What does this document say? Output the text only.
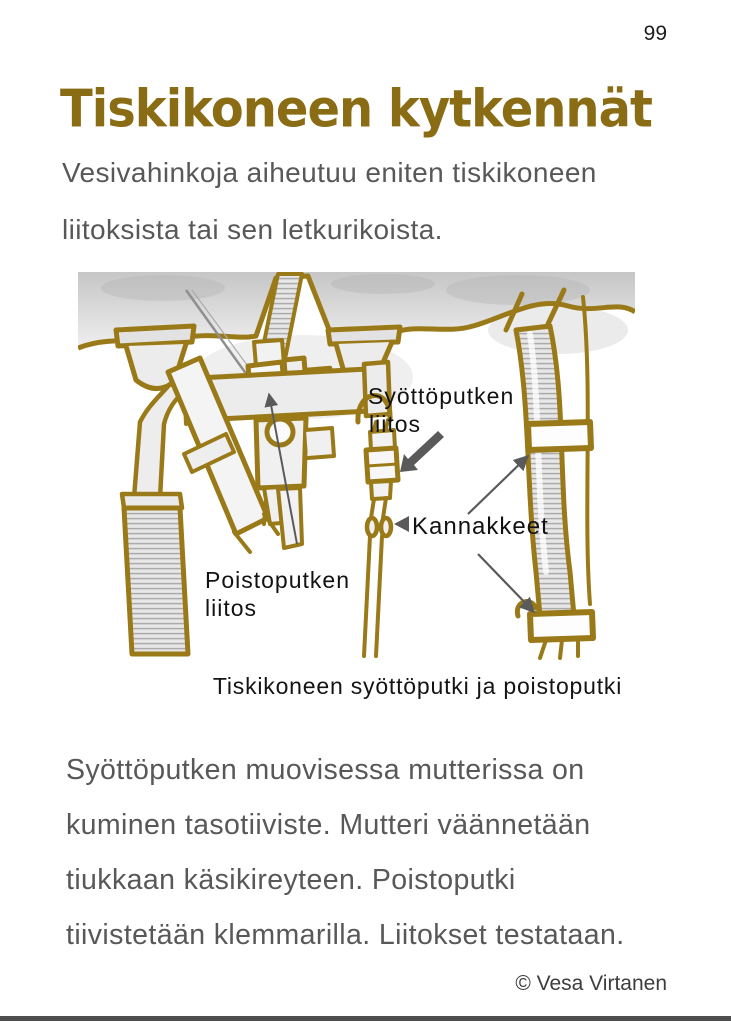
99
Tiskikoneen kytkennät
Vesivahinkoja aiheutuu eniten tiskikoneen
liitoksista tai sen letkurikoista.
Syöttöputken
liitos
Kannakkeet
Poistoputken
liitos
Tiskikoneen syöttöputki ja poistoputki
Syöttöputken muovisessa mutterissa on
kuminen tasotiiviste. Mutteri väännetään
tiukkaan käsikireyteen. Poistoputki
tiivistetään klemmarilla. Liitokset testataan.
© Vesa Virtanen
